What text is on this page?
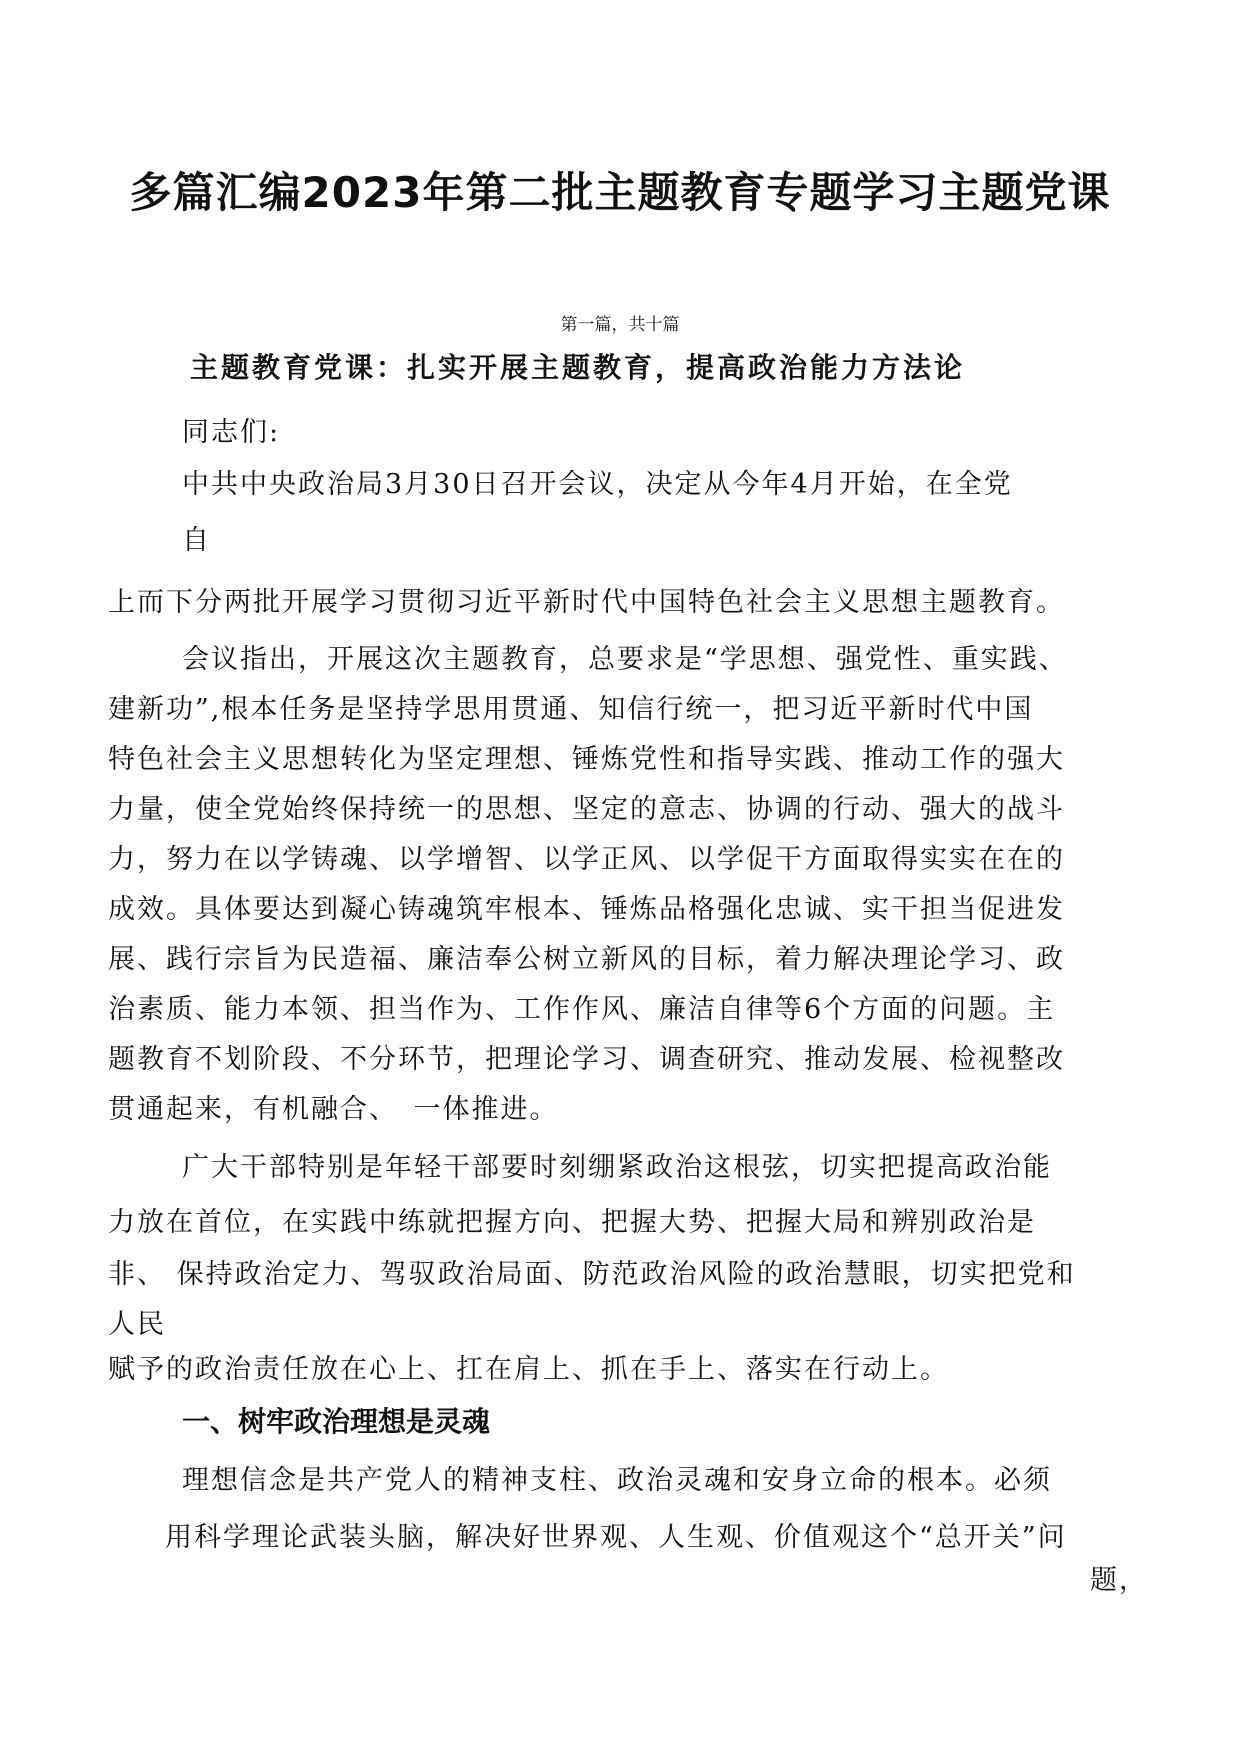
多篇汇编2023年第二批主题教育专题学习主题党课
第一篇，共十篇
主题教育党课：扎实开展主题教育，提高政治能力方法论
同志们:
中共中央政治局3月30日召开会议，决定从今年4月开始，在全党
自
上而下分两批开展学习贯彻习近平新时代中国特色社会主义思想主题教育。
会议指出，开展这次主题教育，总要求是“学思想、强党性、重实践、
建新功”,根本任务是坚持学思用贯通、知信行统一，把习近平新时代中国
特色社会主义思想转化为坚定理想、锤炼党性和指导实践、推动工作的强大
力量，使全党始终保持统一的思想、坚定的意志、协调的行动、强大的战斗
力，努力在以学铸魂、以学增智、以学正风、以学促干方面取得实实在在的
成效。具体要达到凝心铸魂筑牢根本、锤炼品格强化忠诚、实干担当促进发
展、践行宗旨为民造福、廉洁奉公树立新风的目标，着力解决理论学习、政
治素质、能力本领、担当作为、工作作风、廉洁自律等6个方面的问题。主
题教育不划阶段、不分环节，把理论学习、调查研究、推动发展、检视整改
贯通起来，有机融合、　一体推进。
广大干部特别是年轻干部要时刻绷紧政治这根弦，切实把提高政治能
力放在首位，在实践中练就把握方向、把握大势、把握大局和辨别政治是
非、 保持政治定力、驾驭政治局面、防范政治风险的政治慧眼，切实把党和
人民
赋予的政治责任放在心上、扛在肩上、抓在手上、落实在行动上。
一、树牢政治理想是灵魂
理想信念是共产党人的精神支柱、政治灵魂和安身立命的根本。必须
用科学理论武装头脑，解决好世界观、人生观、价值观这个“总开关”问
题，
